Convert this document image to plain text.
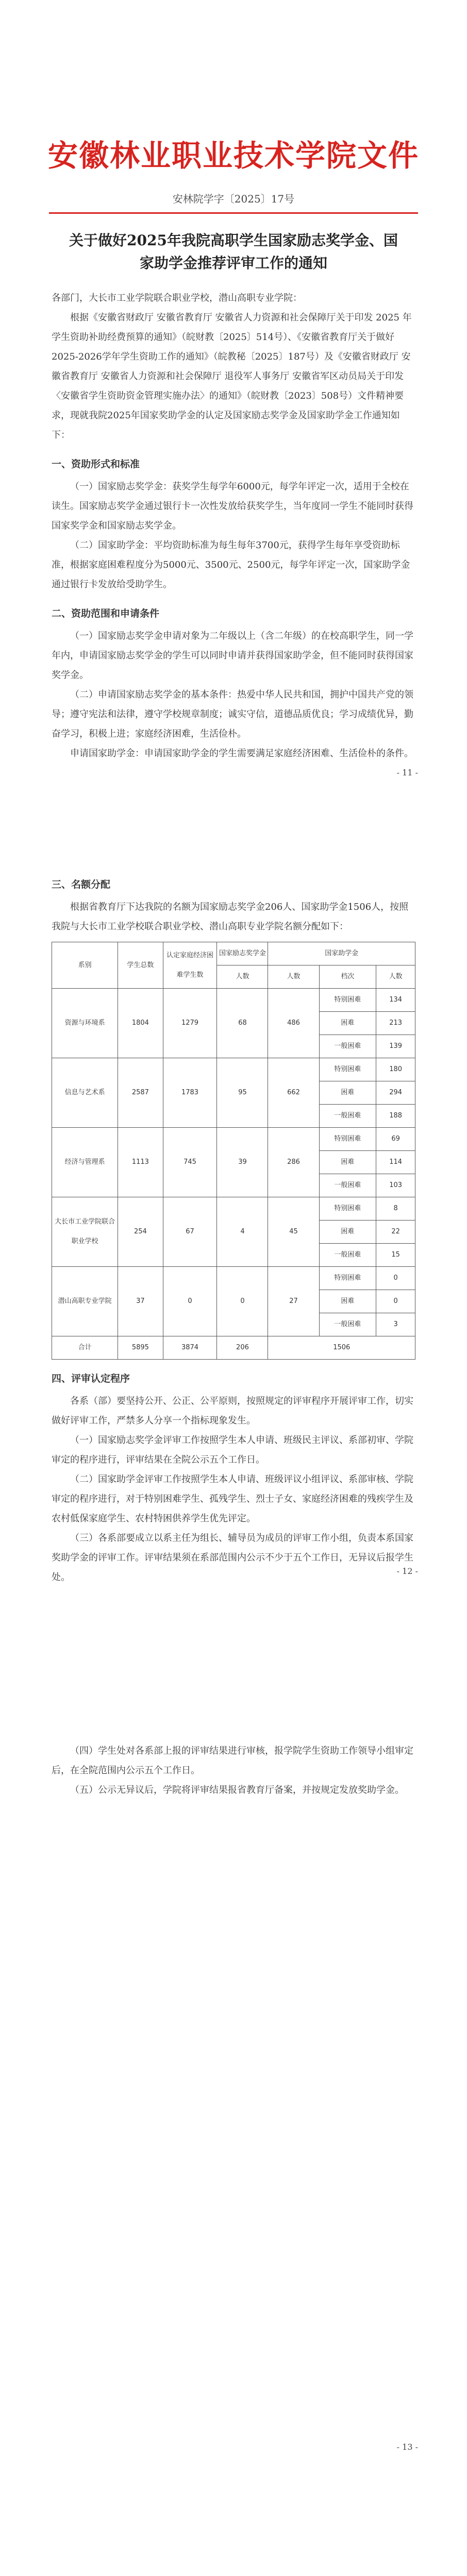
安徽林业职业技术学院文件
安林院学字〔2025〕17号
关于做好2025年我院高职学生国家励志奖学金、国家助学金推荐评审工作的通知

各部门，大长市工业学院联合职业学校，潜山高职专业学院：

根据《安徽省财政厅 安徽省教育厅 安徽省人力资源和社会保障厅关于印发 2025 年学生资助补助经费预算的通知》（皖财教〔2025〕514号）、《安徽省教育厅关于做好2025-2026学年学生资助工作的通知》（皖教秘〔2025〕187号）及《安徽省财政厅 安徽省教育厅 安徽省人力资源和社会保障厅 退役军人事务厅 安徽省军区动员局关于印发〈安徽省学生资助资金管理实施办法〉的通知》（皖财教〔2023〕508号）文件精神要求，现就我院2025年国家奖助学金的认定及国家励志奖学金及国家助学金工作通知如下：

一、资助形式和标准

（一）国家励志奖学金：获奖学生每学年6000元，每学年评定一次，适用于全校在读生。国家励志奖学金通过银行卡一次性发放给获奖学生，当年度同一学生不能同时获得国家奖学金和国家励志奖学金。

（二）国家助学金：平均资助标准为每生每年3700元，获得学生每年享受资助标准，根据家庭困难程度分为5000元、3500元、2500元，每学年评定一次，国家助学金通过银行卡发放给受助学生。

二、资助范围和申请条件

（一）国家励志奖学金申请对象为二年级以上（含二年级）的在校高职学生，同一学年内，申请国家励志奖学金的学生可以同时申请并获得国家助学金，但不能同时获得国家奖学金。

（二）申请国家励志奖学金的基本条件：热爱中华人民共和国，拥护中国共产党的领导；遵守宪法和法律，遵守学校规章制度；诚实守信，道德品质优良；学习成绩优异，勤奋学习，积极上进；家庭经济困难，生活俭朴。

申请国家助学金：申请国家助学金的学生需要满足家庭经济困难、生活俭朴的条件。

- 11 -
三、名额分配

根据省教育厅下达我院的名额为国家励志奖学金206人、国家助学金1506人，按照我院与大长市工业学校联合职业学校、潜山高职专业学院名额分配如下：

系别	学生总数	认定家庭经济困难学生数	国家励志奖学金	国家助学金		
			人数	人数	档次	人数
资源与环境系	1804	1279	68	486	特别困难	134
					困难	213
					一般困难	139
信息与艺术系	2587	1783	95	662	特别困难	180
					困难	294
					一般困难	188
经济与管理系	1113	745	39	286	特别困难	69
					困难	114
					一般困难	103
大长市工业学院联合职业学校	254	67	4	45	特别困难	8
					困难	22
					一般困难	15
潜山高职专业学院	37	0	0	27	特别困难	0
					困难	0
					一般困难	3
合计	5895	3874	206	1506		
四、评审认定程序

各系（部）要坚持公开、公正、公平原则，按照规定的评审程序开展评审工作，切实做好评审工作，严禁多人分享一个指标现象发生。

（一）国家励志奖学金评审工作按照学生本人申请、班级民主评议、系部初审、学院审定的程序进行，评审结果在全院公示五个工作日。

（二）国家助学金评审工作按照学生本人申请、班级评议小组评议、系部审核、学院审定的程序进行，对于特别困难学生、孤残学生、烈士子女、家庭经济困难的残疾学生及农村低保家庭学生、农村特困供养学生优先评定。

（三）各系部要成立以系主任为组长、辅导员为成员的评审工作小组，负责本系国家奖助学金的评审工作。评审结果须在系部范围内公示不少于五个工作日，无异议后报学生处。

- 12 -

（四）学生处对各系部上报的评审结果进行审核，报学院学生资助工作领导小组审定后，在全院范围内公示五个工作日。

（五）公示无异议后，学院将评审结果报省教育厅备案，并按规定发放奖助学金。

- 13 -
